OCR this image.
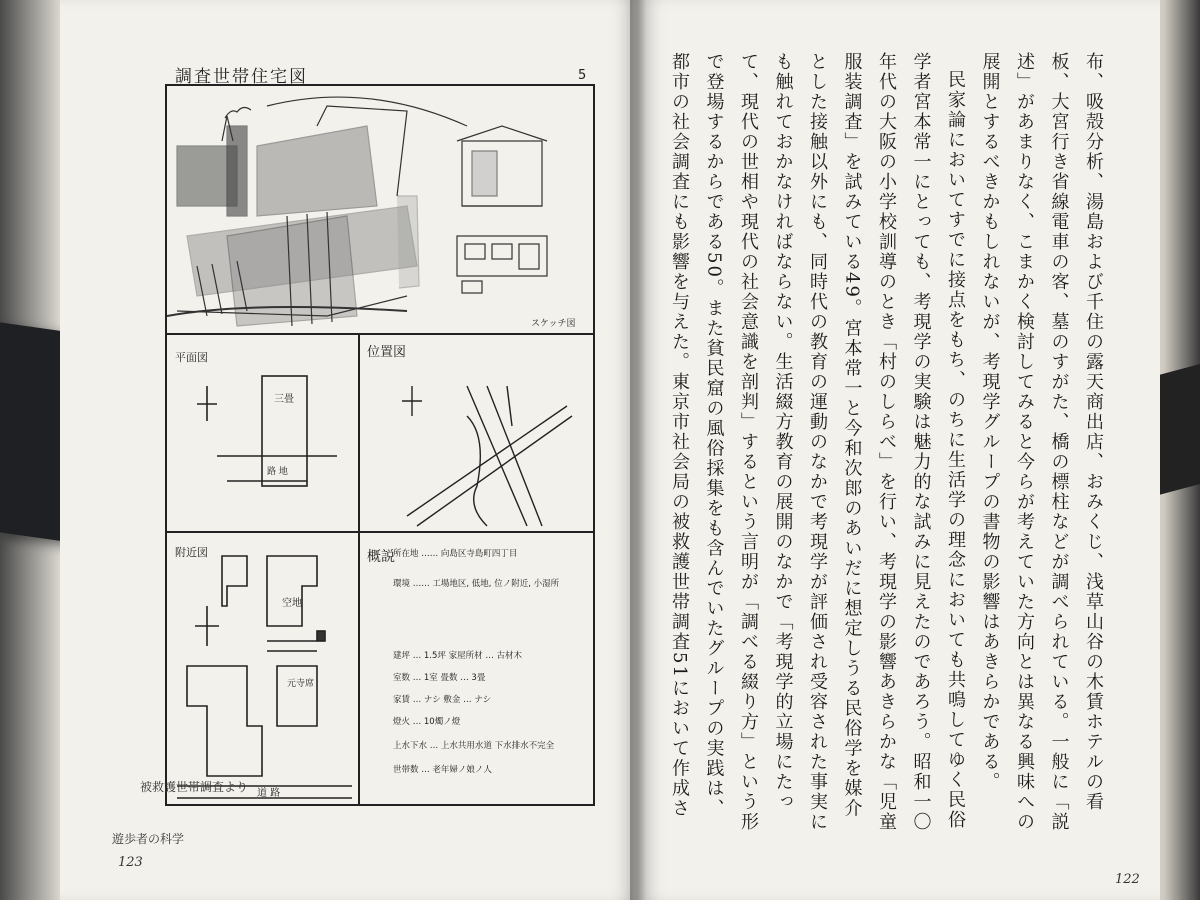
調査世帯住宅図	5
スケッチ図
平面図
三畳
路 地
位置図
附近図
空地
元寺席
道 路
概説
所在地 …… 向島区寺島町四丁目
環境 …… 工場地区, 低地, 位ノ附近, 小湿所
建坪 … 1.5坪 家屋所材 … 古材木
室数 … 1室 畳数 … 3畳
家賃 … ナシ 敷金 … ナシ
燈火 … 10燭ノ燈
上水下水 … 上水共用水道 下水排水不完全
世帯数 … 老年婦ノ娘ノ人
被救護世帯調査より
遊歩者の科学
123
122

布、吸殻分析、湯島および千住の露天商出店、おみくじ、浅草山谷の木賃ホテルの看板、大宮行き省線電車の客、墓のすがた、橋の標柱などが調べられている。一般に「説述」があまりなく、こまかく検討してみると今らが考えていた方向とは異なる興味への展開とするべきかもしれないが、考現学グループの書物の影響はあきらかである。

民家論においてすでに接点をもち、のちに生活学の理念においても共鳴してゆく民俗学者宮本常一にとっても、考現学の実験は魅力的な試みに見えたのであろう。昭和一〇年代の大阪の小学校訓導のとき「村のしらべ」を行い、考現学の影響あきらかな「児童服装調査」を試みている49。宮本常一と今和次郎のあいだに想定しうる民俗学を媒介とした接触以外にも、同時代の教育の運動のなかで考現学が評価され受容された事実にも触れておかなければならない。生活綴方教育の展開のなかで「考現学的立場にたって、現代の世相や現代の社会意識を剖判」するという言明が「調べる綴り方」という形で登場するからである50。また貧民窟の風俗採集をも含んでいたグループの実践は、都市の社会調査にも影響を与えた。東京市社会局の被救護世帯調査51において作成さ
